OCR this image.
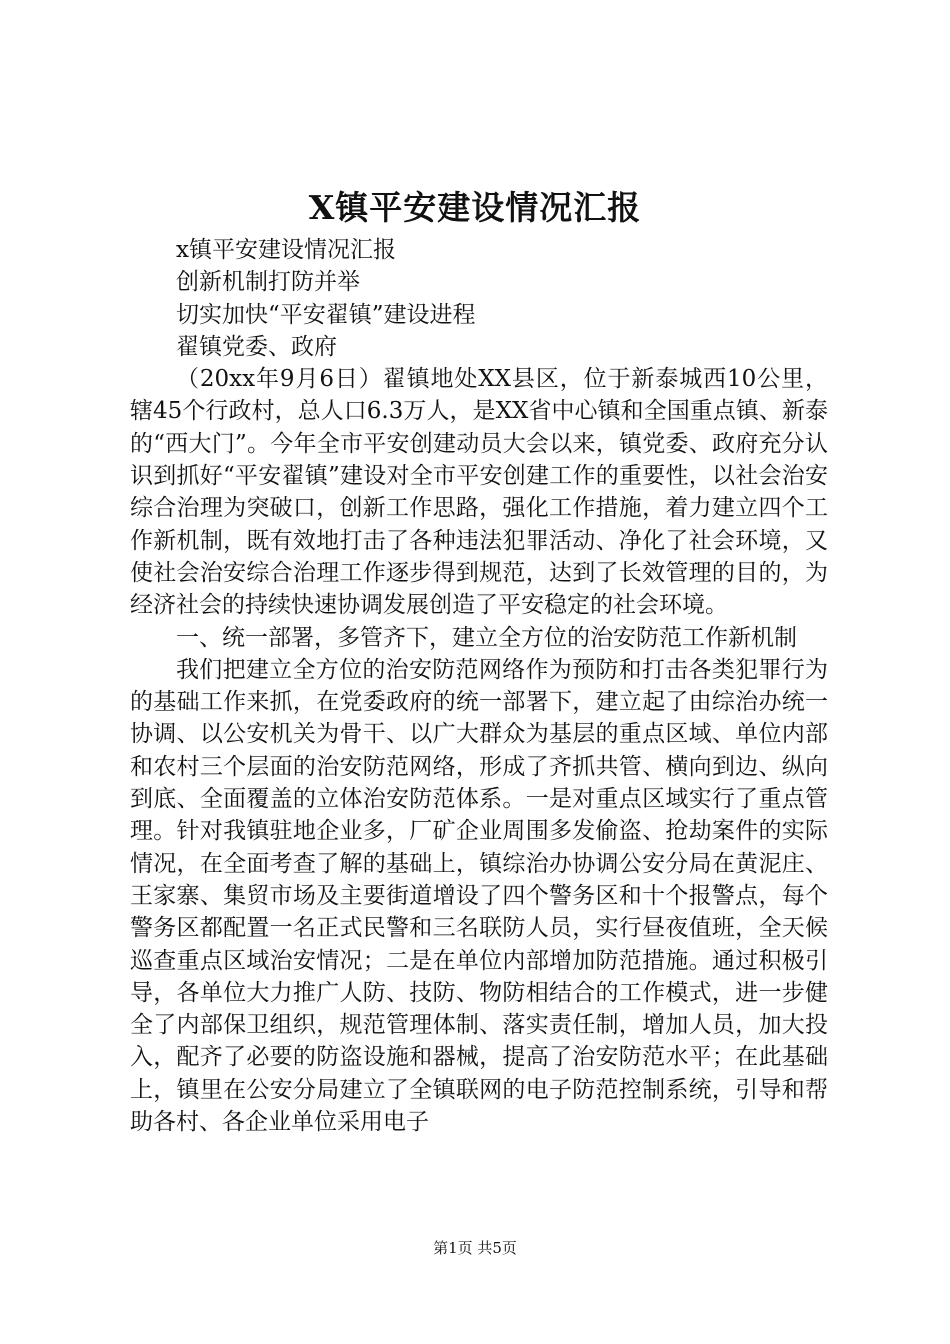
X镇平安建设情况汇报

x镇平安建设情况汇报

创新机制打防并举

切实加快“平安翟镇”建设进程

翟镇党委、政府

（20xx年9月6日）翟镇地处XX县区，位于新泰城西10公里，辖45个行政村，总人口6.3万人，是XX省中心镇和全国重点镇、新泰的“西大门”。今年全市平安创建动员大会以来，镇党委、政府充分认识到抓好“平安翟镇”建设对全市平安创建工作的重要性，以社会治安综合治理为突破口，创新工作思路，强化工作措施，着力建立四个工作新机制，既有效地打击了各种违法犯罪活动、净化了社会环境，又使社会治安综合治理工作逐步得到规范，达到了长效管理的目的，为经济社会的持续快速协调发展创造了平安稳定的社会环境。

一、统一部署，多管齐下，建立全方位的治安防范工作新机制

我们把建立全方位的治安防范网络作为预防和打击各类犯罪行为的基础工作来抓，在党委政府的统一部署下，建立起了由综治办统一协调、以公安机关为骨干、以广大群众为基层的重点区域、单位内部和农村三个层面的治安防范网络，形成了齐抓共管、横向到边、纵向到底、全面覆盖的立体治安防范体系。一是对重点区域实行了重点管理。针对我镇驻地企业多，厂矿企业周围多发偷盗、抢劫案件的实际情况，在全面考查了解的基础上，镇综治办协调公安分局在黄泥庄、王家寨、集贸市场及主要街道增设了四个警务区和十个报警点，每个警务区都配置一名正式民警和三名联防人员，实行昼夜值班，全天候巡查重点区域治安情况；二是在单位内部增加防范措施。通过积极引导，各单位大力推广人防、技防、物防相结合的工作模式，进一步健全了内部保卫组织，规范管理体制、落实责任制，增加人员，加大投入，配齐了必要的防盗设施和器械，提高了治安防范水平；在此基础上，镇里在公安分局建立了全镇联网的电子防范控制系统，引导和帮助各村、各企业单位采用电子

第1页 共5页
